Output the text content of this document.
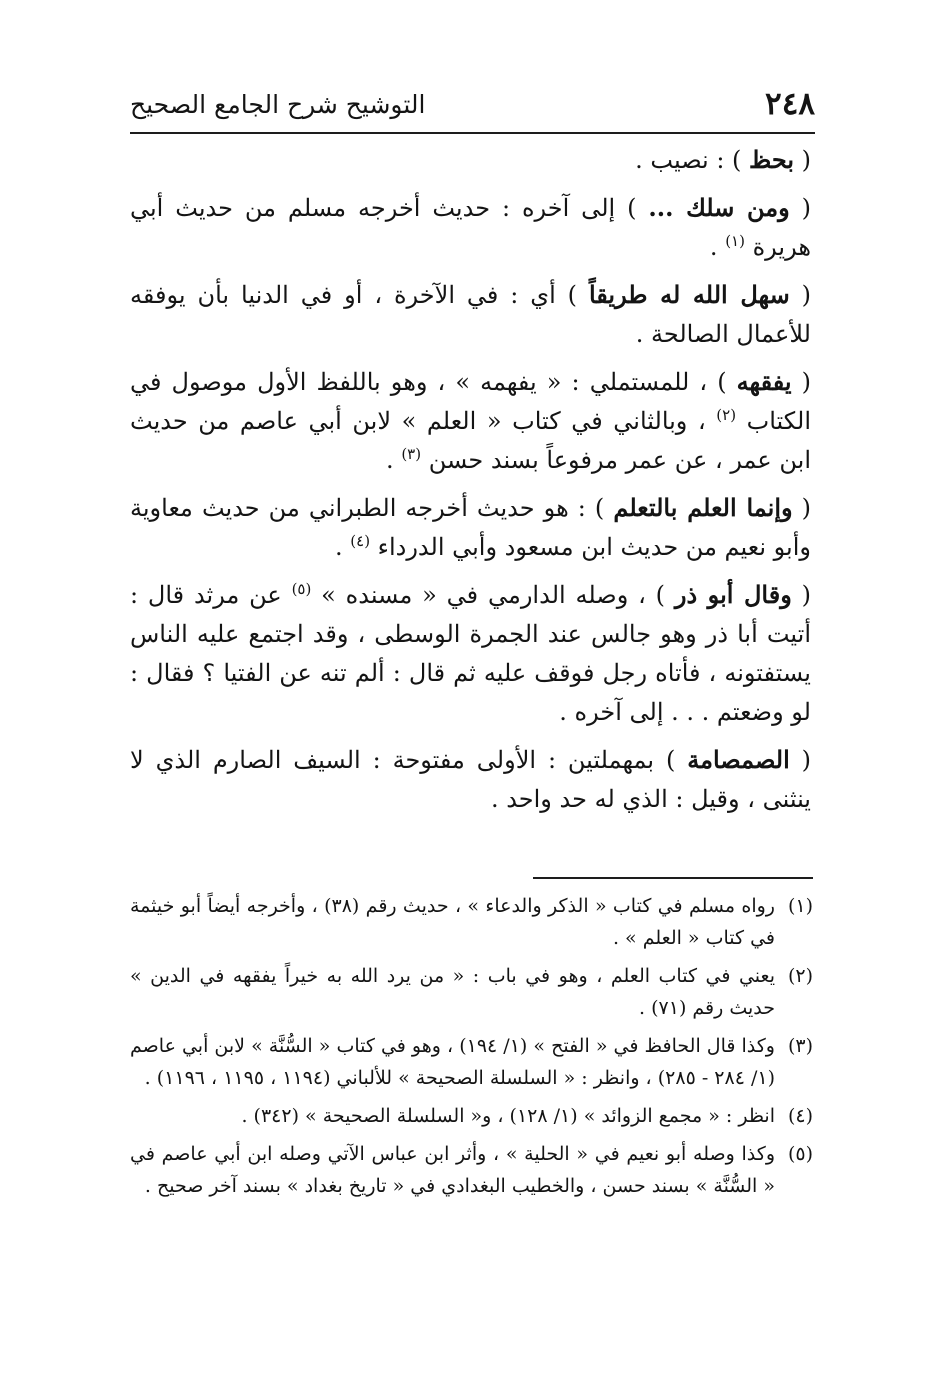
٢٤٨
التوشيح شرح الجامع الصحيح

( بحظ ) : نصيب .

( ومن سلك ... ) إلى آخره : حديث أخرجه مسلم من حديث أبي هريرة $^{(١)}$ .

( سهل الله له طريقاً ) أي : في الآخرة ، أو في الدنيا بأن يوفقه للأعمال الصالحة .

( يفقهه ) ، للمستملي : « يفهمه » ، وهو باللفظ الأول موصول في الكتاب $^{(٢)}$ ، وبالثاني في كتاب « العلم » لابن أبي عاصم من حديث ابن عمر ، عن عمر مرفوعاً بسند حسن $^{(٣)}$ .

( وإنما العلم بالتعلم ) : هو حديث أخرجه الطبراني من حديث معاوية وأبو نعيم من حديث ابن مسعود وأبي الدرداء $^{(٤)}$ .

( وقال أبو ذر ) ، وصله الدارمي في « مسنده » $^{(٥)}$ عن مرثد قال : أتيت أبا ذر وهو جالس عند الجمرة الوسطى ، وقد اجتمع عليه الناس يستفتونه ، فأتاه رجل فوقف عليه ثم قال : ألم تنه عن الفتيا ؟ فقال : لو وضعتم . . . إلى آخره .

( الصمصامة ) بمهملتين : الأولى مفتوحة : السيف الصارم الذي لا ينثنى ، وقيل : الذي له حد واحد .

(١)
رواه مسلم في كتاب « الذكر والدعاء » ، حديث رقم (٣٨) ، وأخرجه أيضاً أبو خيثمة في كتاب « العلم » .

(٢)
يعني في كتاب العلم ، وهو في باب : « من يرد الله به خيراً يفقهه في الدين » حديث رقم (٧١) .

(٣)
وكذا قال الحافظ في « الفتح » (١/ ١٩٤) ، وهو في كتاب « السُّنَّة » لابن أبي عاصم (١/ ٢٨٤ - ٢٨٥) ، وانظر : « السلسلة الصحيحة » للألباني (١١٩٤ ، ١١٩٥ ، ١١٩٦) .

(٤)
انظر : « مجمع الزوائد » (١/ ١٢٨) ، و« السلسلة الصحيحة » (٣٤٢) .

(٥)
وكذا وصله أبو نعيم في « الحلية » ، وأثر ابن عباس الآتي وصله ابن أبي عاصم في « السُّنَّة » بسند حسن ، والخطيب البغدادي في « تاريخ بغداد » بسند آخر صحيح .
